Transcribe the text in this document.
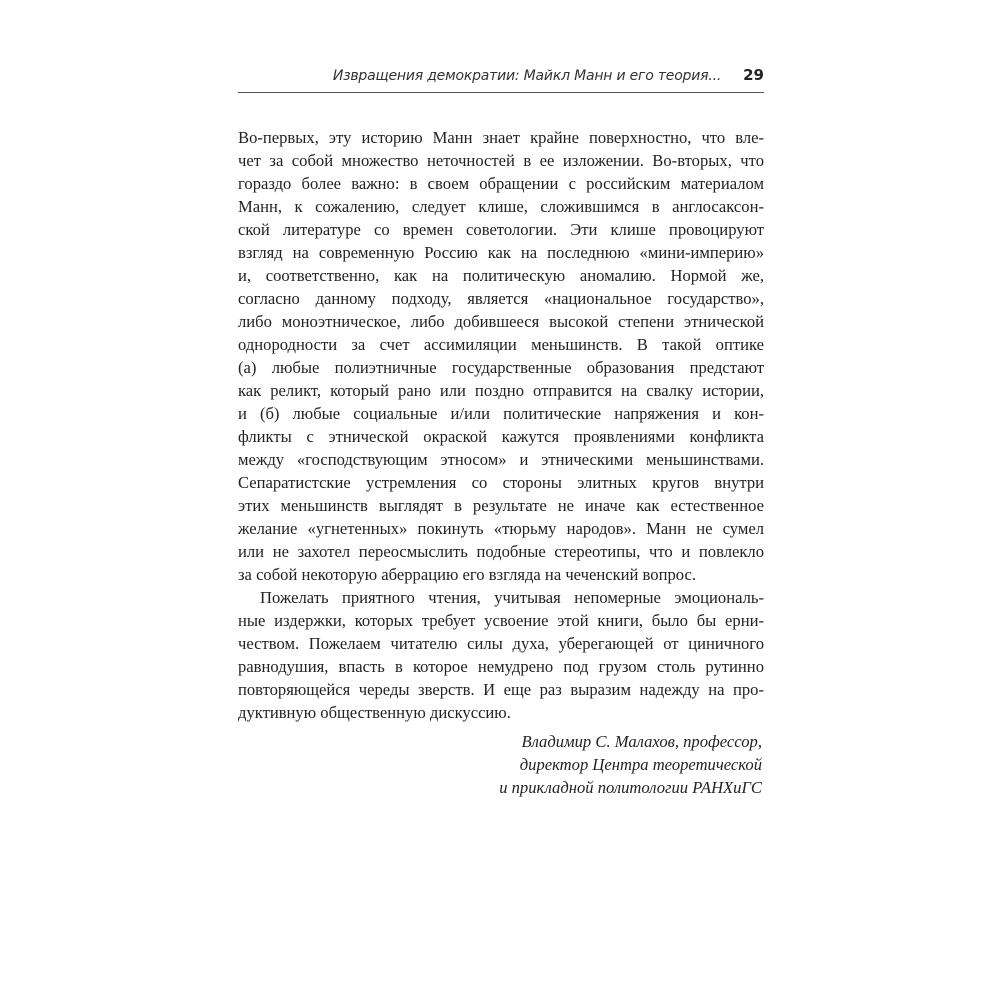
Извращения демократии: Майкл Манн и его теория... 29
Во-первых, эту историю Манн знает крайне поверхностно, что вле-
чет за собой множество неточностей в ее изложении. Во-вторых, что
гораздо более важно: в своем обращении с российским материалом
Манн, к сожалению, следует клише, сложившимся в англосаксон-
ской литературе со времен советологии. Эти клише провоцируют
взгляд на современную Россию как на последнюю «мини-империю»
и, соответственно, как на политическую аномалию. Нормой же,
согласно данному подходу, является «национальное государство»,
либо моноэтническое, либо добившееся высокой степени этнической
однородности за счет ассимиляции меньшинств. В такой оптике
(а) любые полиэтничные государственные образования предстают
как реликт, который рано или поздно отправится на свалку истории,
и (б) любые социальные и/или политические напряжения и кон-
фликты с этнической окраской кажутся проявлениями конфликта
между «господствующим этносом» и этническими меньшинствами.
Сепаратистские устремления со стороны элитных кругов внутри
этих меньшинств выглядят в результате не иначе как естественное
желание «угнетенных» покинуть «тюрьму народов». Манн не сумел
или не захотел переосмыслить подобные стереотипы, что и повлекло
за собой некоторую аберрацию его взгляда на чеченский вопрос.
Пожелать приятного чтения, учитывая непомерные эмоциональ-
ные издержки, которых требует усвоение этой книги, было бы ерни-
чеством. Пожелаем читателю силы духа, уберегающей от циничного
равнодушия, впасть в которое немудрено под грузом столь рутинно
повторяющейся череды зверств. И еще раз выразим надежду на про-
дуктивную общественную дискуссию.
Владимир С. Малахов, профессор,
директор Центра теоретической
и прикладной политологии РАНХиГС
